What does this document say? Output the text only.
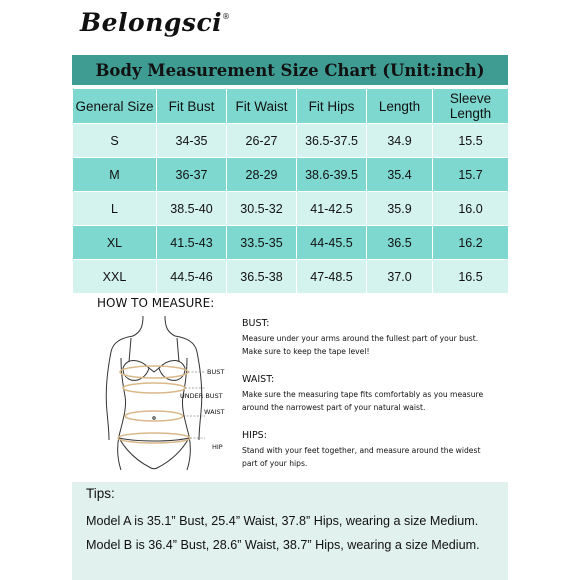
Belongsci ®
Body Measurement Size Chart (Unit:inch)
General Size	Fit Bust	Fit Waist	Fit Hips	Length	Sleeve Length
S	34-35	26-27	36.5-37.5	34.9	15.5
M	36-37	28-29	38.6-39.5	35.4	15.7
L	38.5-40	30.5-32	41-42.5	35.9	16.0
XL	41.5-43	33.5-35	44-45.5	36.5	16.2
XXL	44.5-46	36.5-38	47-48.5	37.0	16.5
HOW TO MEASURE:
BUST
UNDER BUST
WAIST
HIP
BUST:
Measure under your arms around the fullest part of your bust.
Make sure to keep the tape level!
WAIST:
Make sure the measuring tape fits comfortably as you measure
around the narrowest part of your natural waist.
HIPS:
Stand with your feet together, and measure around the widest
part of your hips.
Tips:
Model A is 35.1” Bust, 25.4” Waist, 37.8” Hips, wearing a size Medium.
Model B is 36.4” Bust, 28.6” Waist, 38.7” Hips, wearing a size Medium.
